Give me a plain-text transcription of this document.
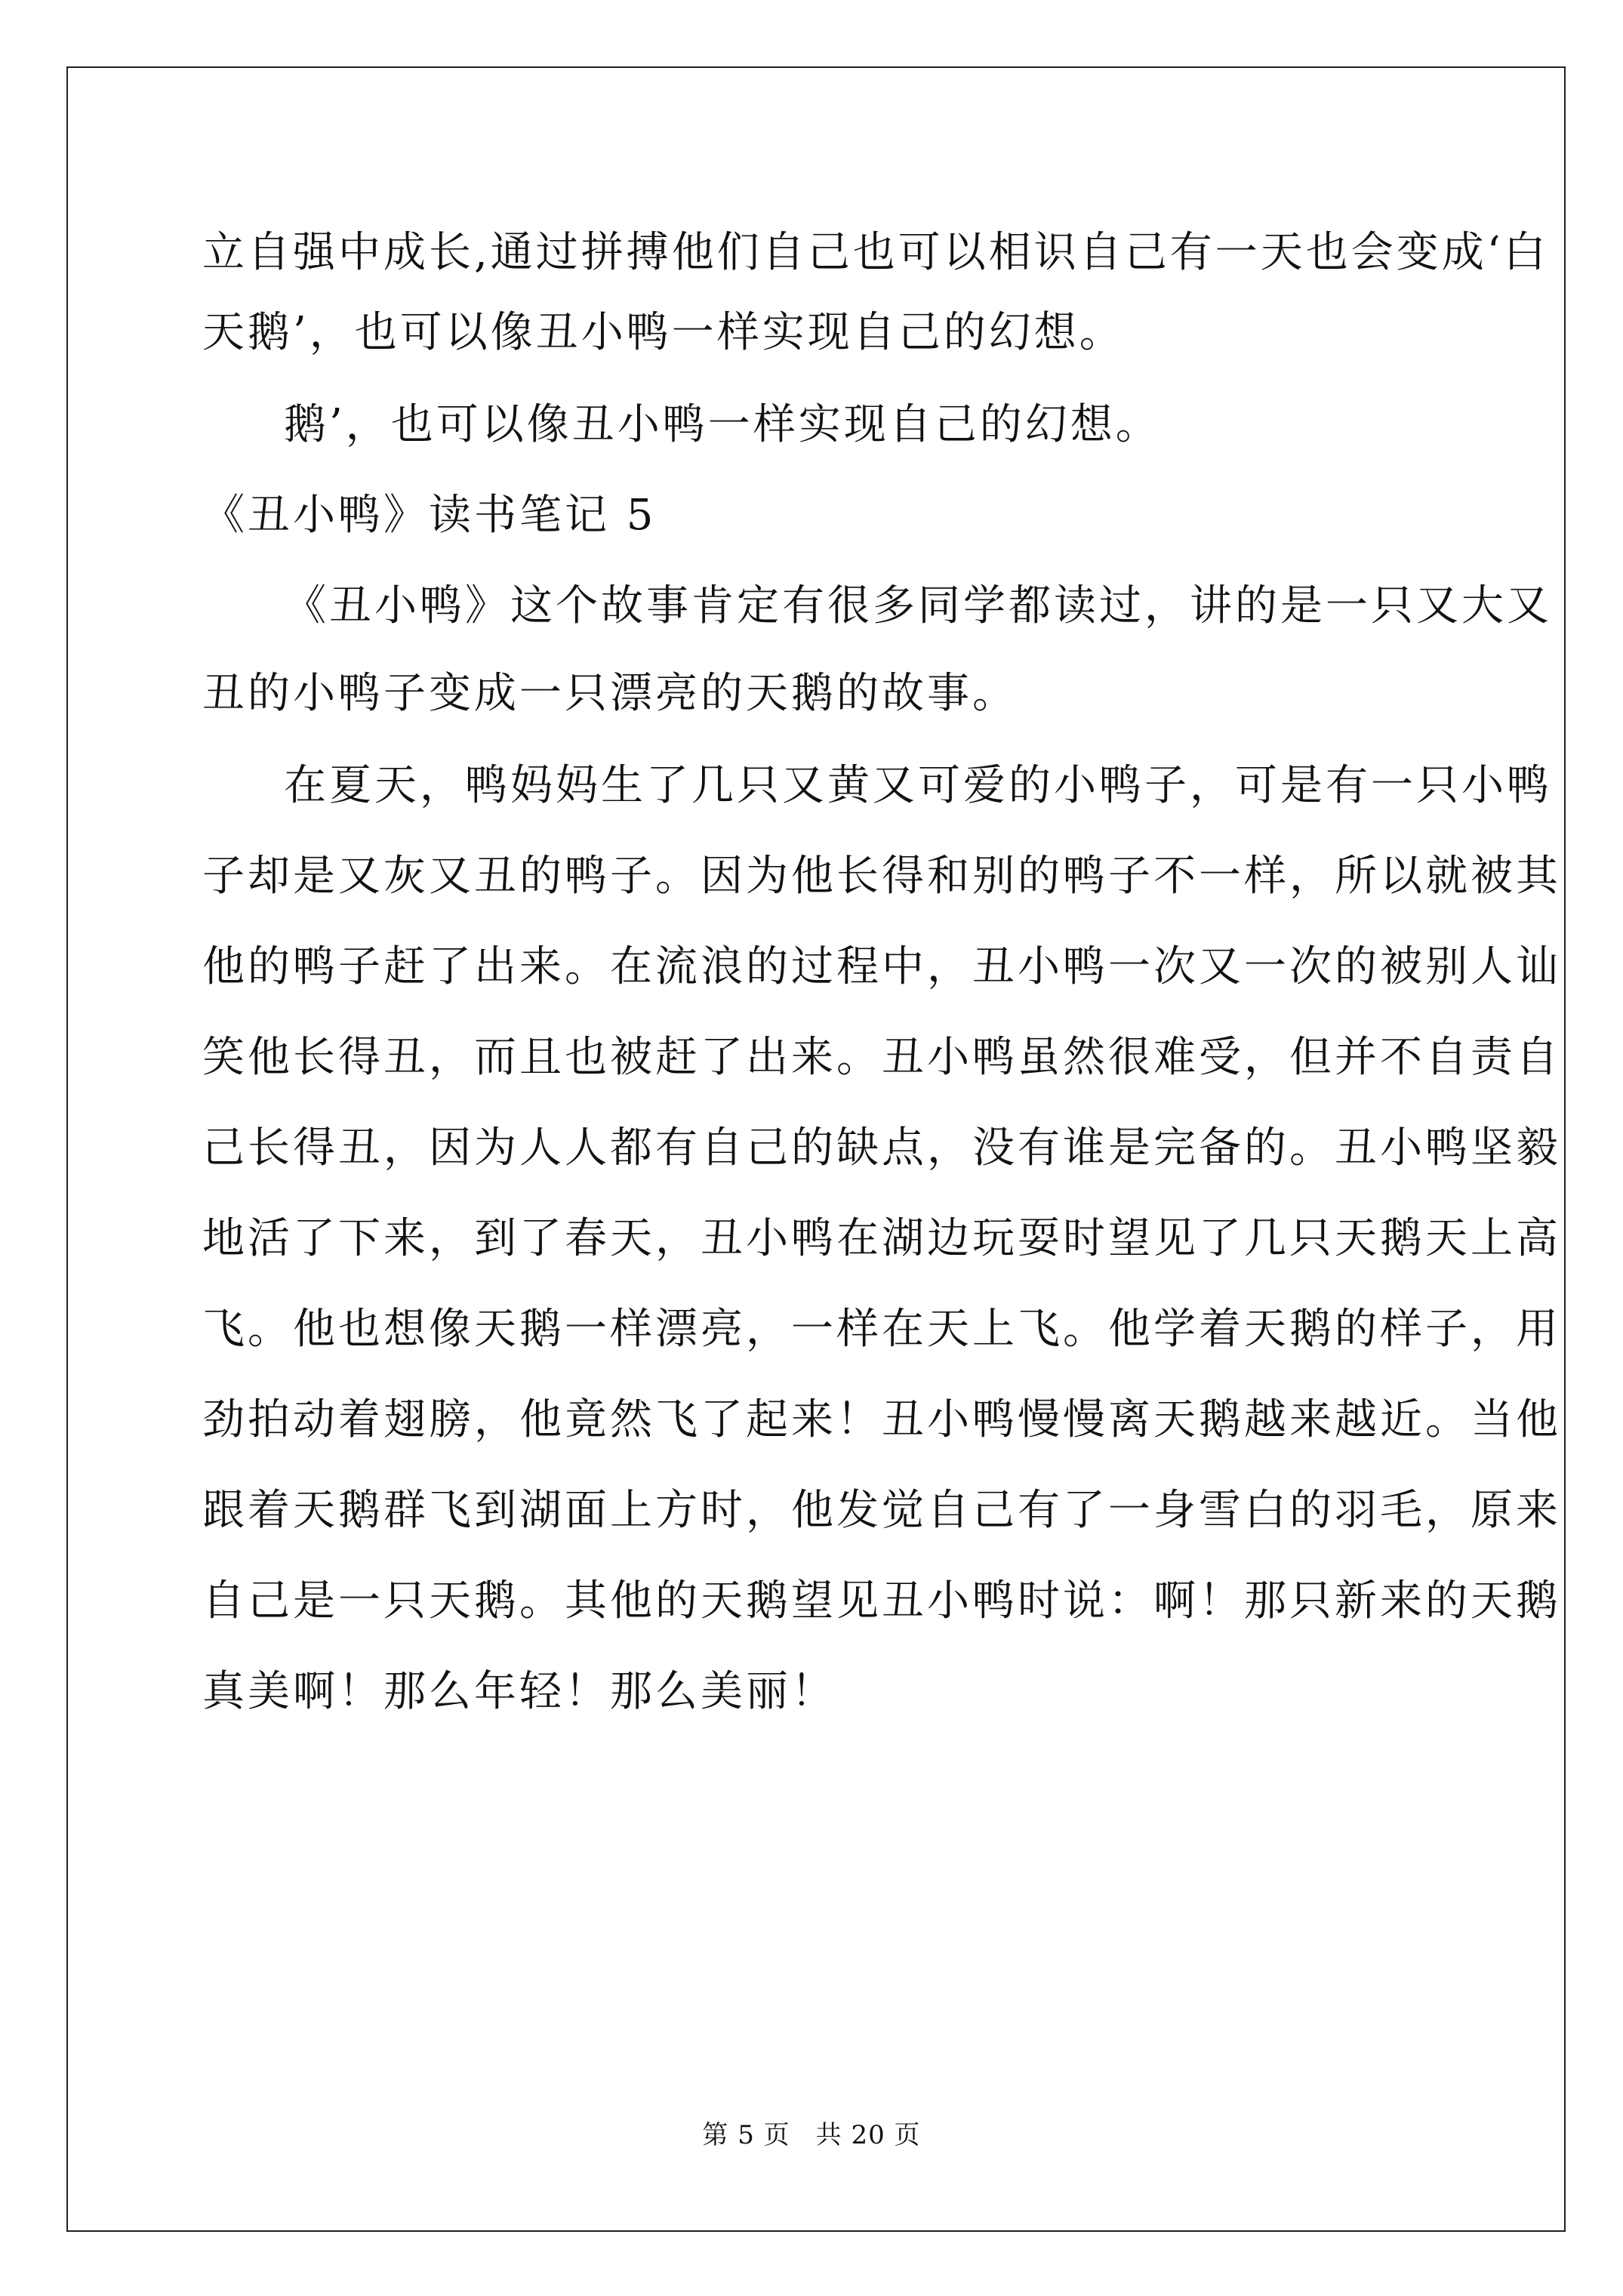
立自强中成长,通过拼搏他们自己也可以相识自己有一天也会变成‘白
天鹅’，也可以像丑小鸭一样实现自己的幻想。
鹅’，也可以像丑小鸭一样实现自己的幻想。
《丑小鸭》读书笔记 5
《丑小鸭》这个故事肯定有很多同学都读过，讲的是一只又大又
丑的小鸭子变成一只漂亮的天鹅的故事。
在夏天，鸭妈妈生了几只又黄又可爱的小鸭子，可是有一只小鸭
子却是又灰又丑的鸭子。因为他长得和别的鸭子不一样，所以就被其
他的鸭子赶了出来。在流浪的过程中，丑小鸭一次又一次的被别人讪
笑他长得丑，而且也被赶了出来。丑小鸭虽然很难受，但并不自责自
己长得丑，因为人人都有自己的缺点，没有谁是完备的。丑小鸭坚毅
地活了下来，到了春天，丑小鸭在湖边玩耍时望见了几只天鹅天上高
飞。他也想像天鹅一样漂亮，一样在天上飞。他学着天鹅的样子，用
劲拍动着翅膀，他竟然飞了起来！丑小鸭慢慢离天鹅越来越近。当他
跟着天鹅群飞到湖面上方时，他发觉自己有了一身雪白的羽毛，原来
自己是一只天鹅。其他的天鹅望见丑小鸭时说：啊！那只新来的天鹅
真美啊！那么年轻！那么美丽！
第 5 页 共 20 页
